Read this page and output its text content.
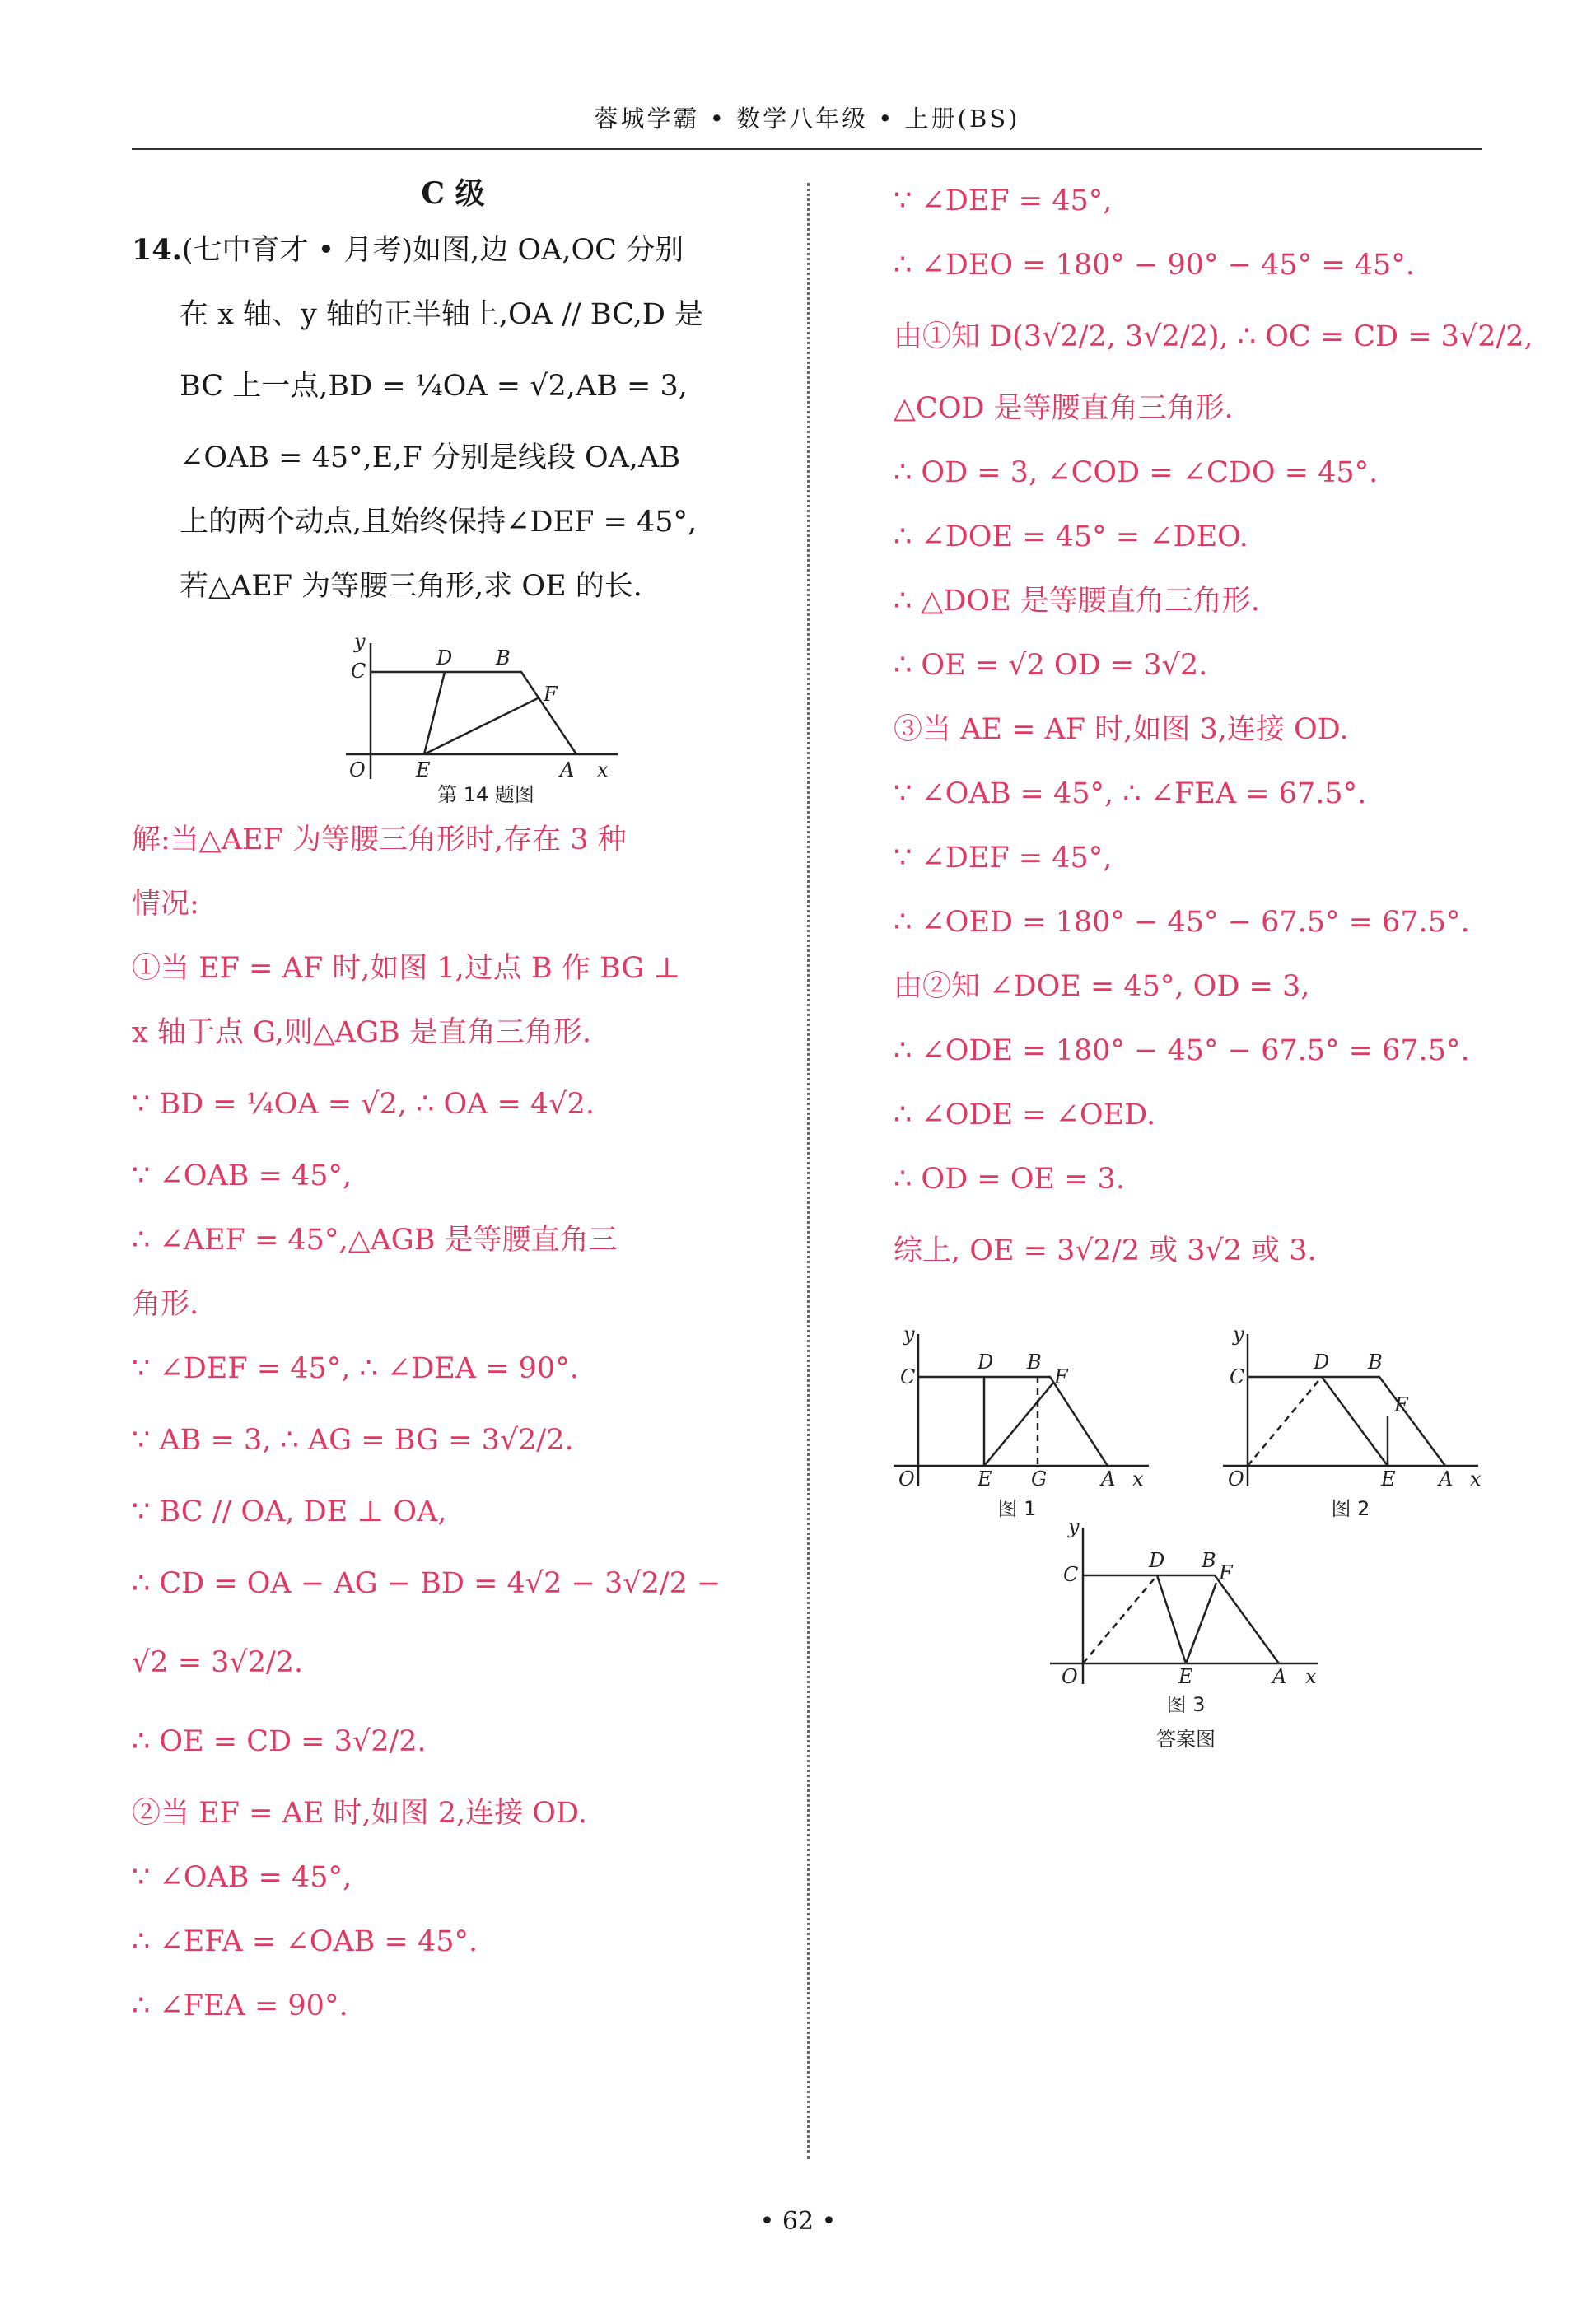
蓉城学霸 • 数学八年级 • 上册(BS)
C 级
14.(七中育才 • 月考)如图,边 OA,OC 分别
在 x 轴、y 轴的正半轴上,OA // BC,D 是
BC 上一点,BD = ¼OA = √2,AB = 3,
∠OAB = 45°,E,F 分别是线段 OA,AB
上的两个动点,且始终保持∠DEF = 45°,
若△AEF 为等腰三角形,求 OE 的长.
O
C
y
D B
F
E	A x
第 14 题图
解:当△AEF 为等腰三角形时,存在 3 种
情况:
①当 EF = AF 时,如图 1,过点 B 作 BG ⊥
x 轴于点 G,则△AGB 是直角三角形.
∵ BD = ¼OA = √2, ∴ OA = 4√2.
∵ ∠OAB = 45°,
∴ ∠AEF = 45°,△AGB 是等腰直角三
角形.
∵ ∠DEF = 45°, ∴ ∠DEA = 90°.
∵ AB = 3, ∴ AG = BG = 3√2/2.
∵ BC // OA, DE ⊥ OA,
∴ CD = OA − AG − BD = 4√2 − 3√2/2 −
√2 = 3√2/2.
∴ OE = CD = 3√2/2.
②当 EF = AE 时,如图 2,连接 OD.
∵ ∠OAB = 45°,
∴ ∠EFA = ∠OAB = 45°.
∴ ∠FEA = 90°.
∵ ∠DEF = 45°,
∴ ∠DEO = 180° − 90° − 45° = 45°.
由①知 D(3√2/2, 3√2/2), ∴ OC = CD = 3√2/2,
△COD 是等腰直角三角形.
∴ OD = 3, ∠COD = ∠CDO = 45°.
∴ ∠DOE = 45° = ∠DEO.
∴ △DOE 是等腰直角三角形.
∴ OE = √2 OD = 3√2.
③当 AE = AF 时,如图 3,连接 OD.
∵ ∠OAB = 45°, ∴ ∠FEA = 67.5°.
∵ ∠DEF = 45°,
∴ ∠OED = 180° − 45° − 67.5° = 67.5°.
由②知 ∠DOE = 45°, OD = 3,
∴ ∠ODE = 180° − 45° − 67.5° = 67.5°.
∴ ∠ODE = ∠OED.
∴ OD = OE = 3.
综上, OE = 3√2/2 或 3√2 或 3.
y
C
O
D B
F
E G	A x
y
C
O
D B
F
E A x
y
C
O
D B
F
E	A x
图 1	图 2
图 3
答案图
• 62 •
